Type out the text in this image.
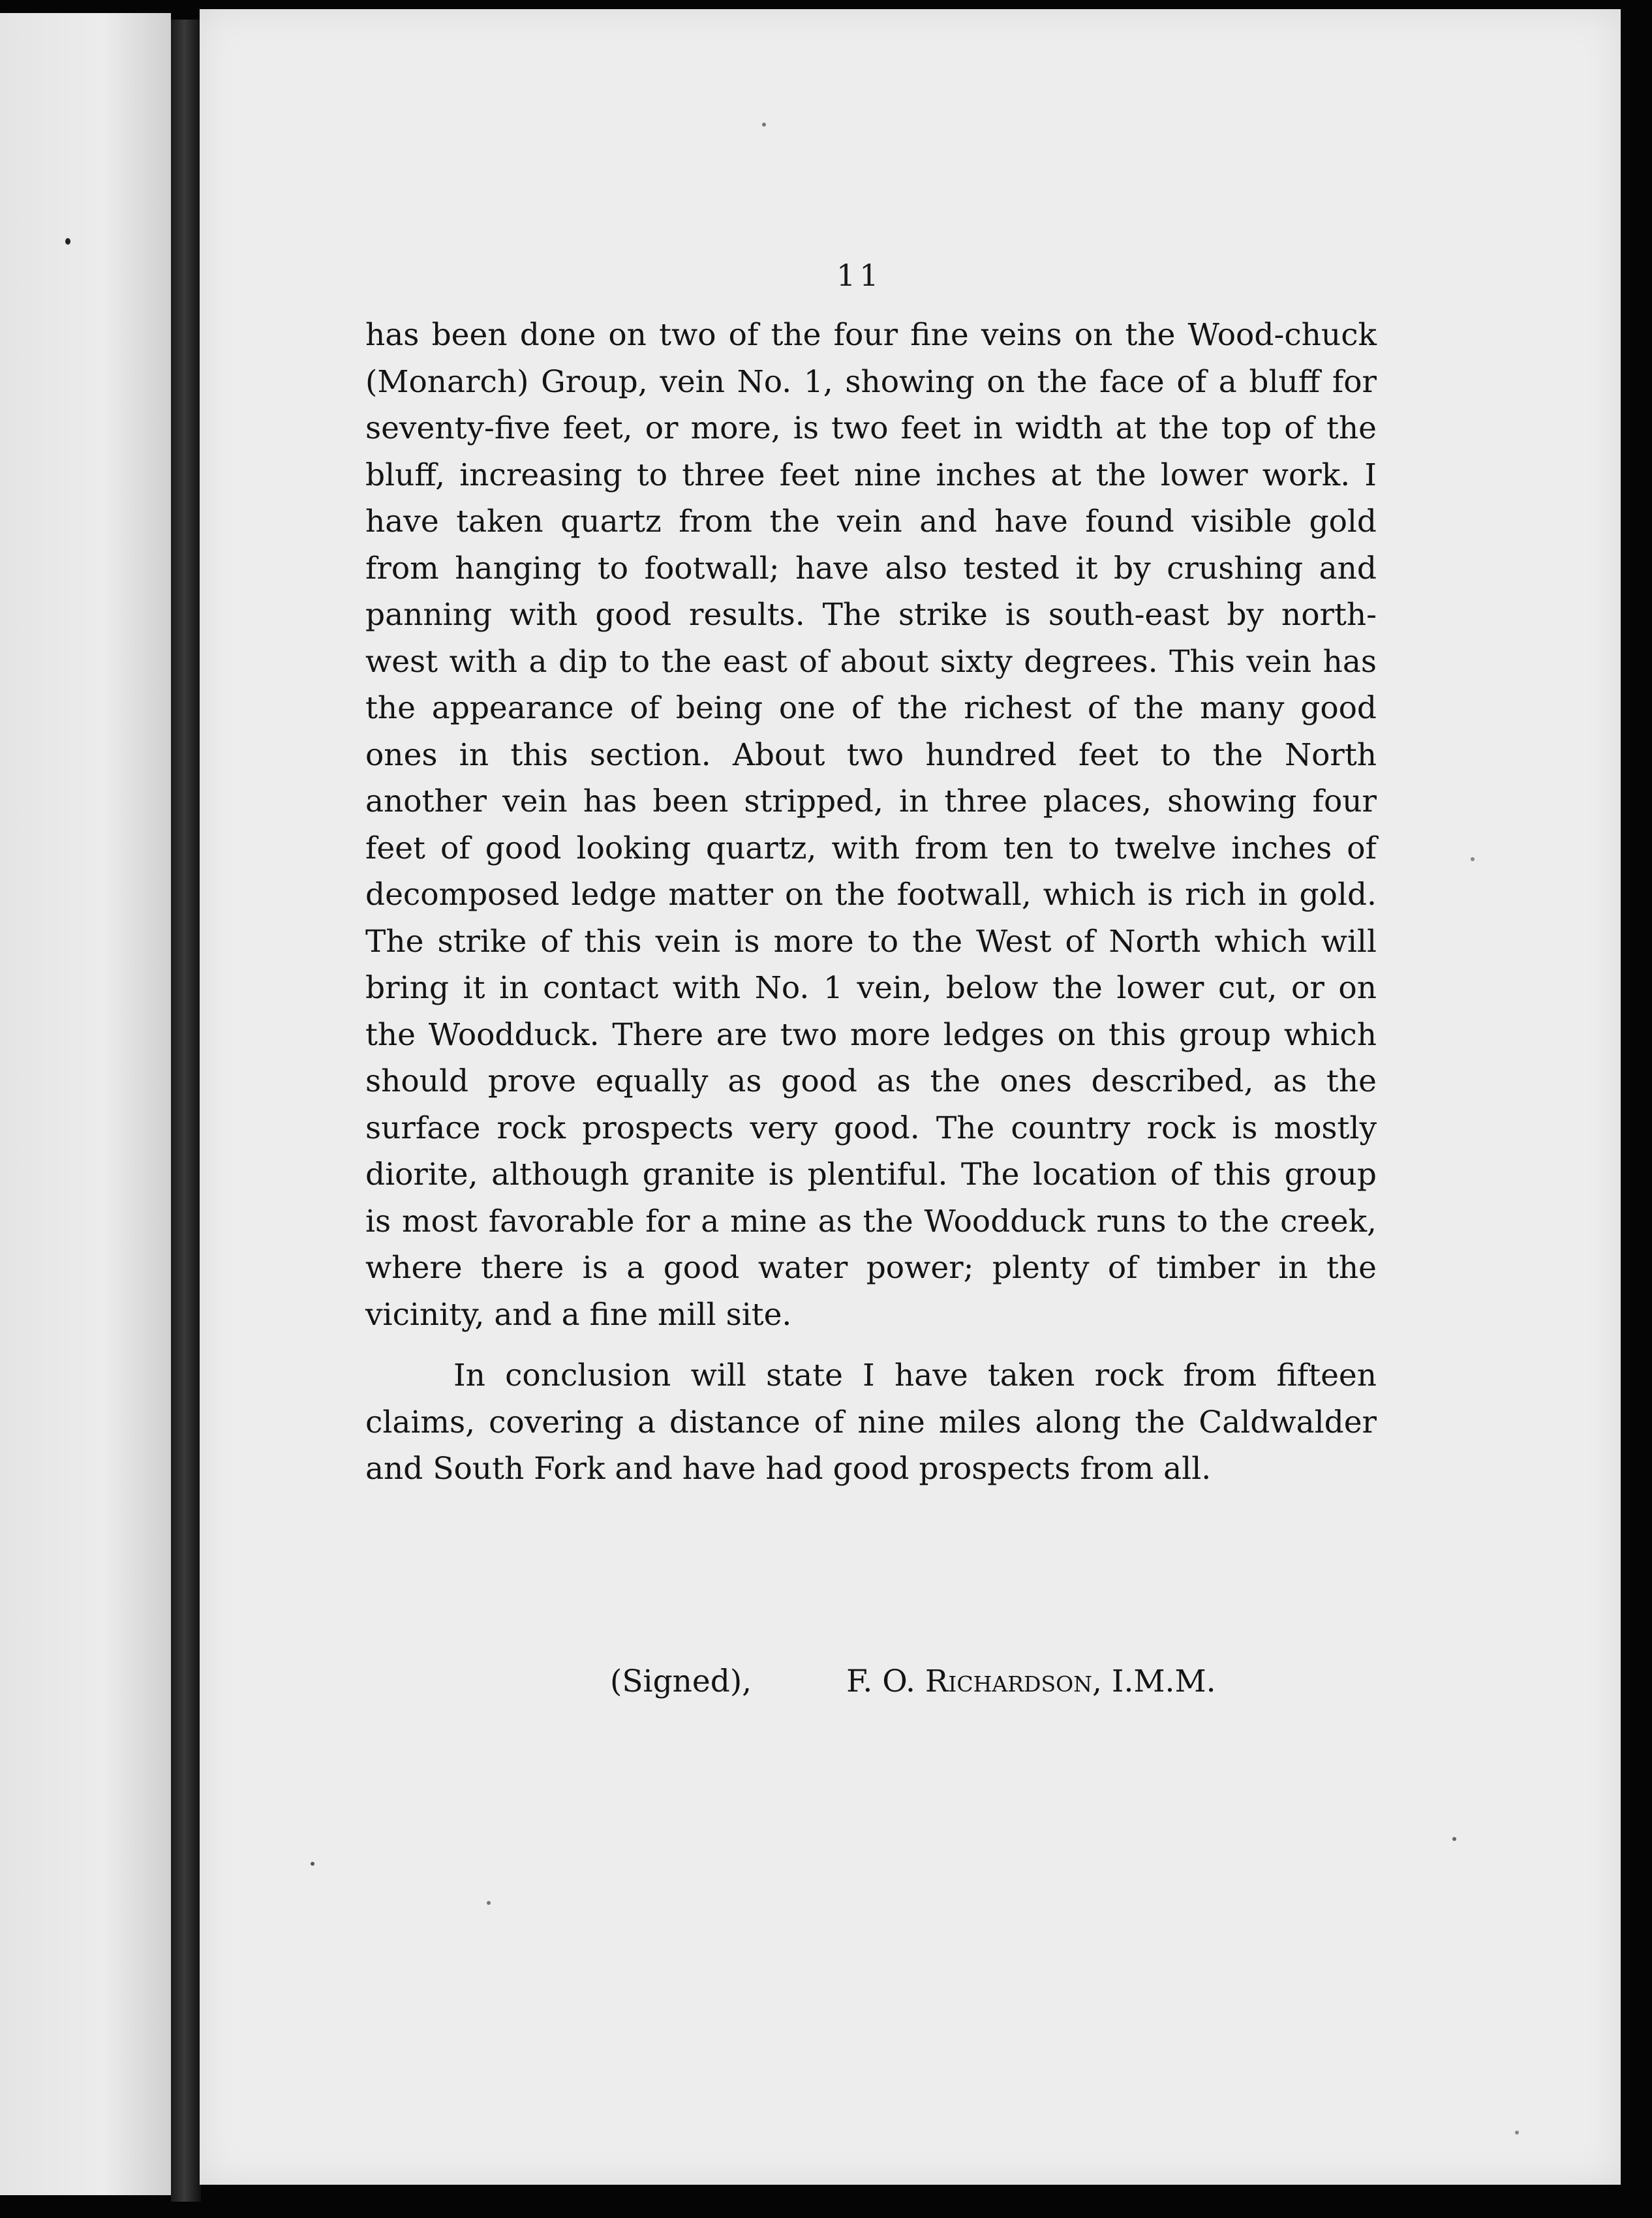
11

has been done on two of the four fine veins on the Wood-chuck (Monarch) Group, vein No. 1, showing on the face of a bluff for seventy-five feet, or more, is two feet in width at the top of the bluff, increasing to three feet nine inches at the lower work. I have taken quartz from the vein and have found visible gold from hanging to footwall; have also tested it by crushing and panning with good results. The strike is south-east by north-west with a dip to the east of about sixty degrees. This vein has the appearance of being one of the richest of the many good ones in this section. About two hundred feet to the North another vein has been stripped, in three places, showing four feet of good looking quartz, with from ten to twelve inches of decomposed ledge matter on the footwall, which is rich in gold. The strike of this vein is more to the West of North which will bring it in contact with No. 1 vein, below the lower cut, or on the Woodduck. There are two more ledges on this group which should prove equally as good as the ones described, as the surface rock prospects very good. The country rock is mostly diorite, although granite is plentiful. The location of this group is most favorable for a mine as the Woodduck runs to the creek, where there is a good water power; plenty of timber in the vicinity, and a fine mill site.

In conclusion will state I have taken rock from fifteen claims, covering a distance of nine miles along the Caldwalder and South Fork and have had good prospects from all.

(Signed),	F. O. Richardson, I.M.M.
